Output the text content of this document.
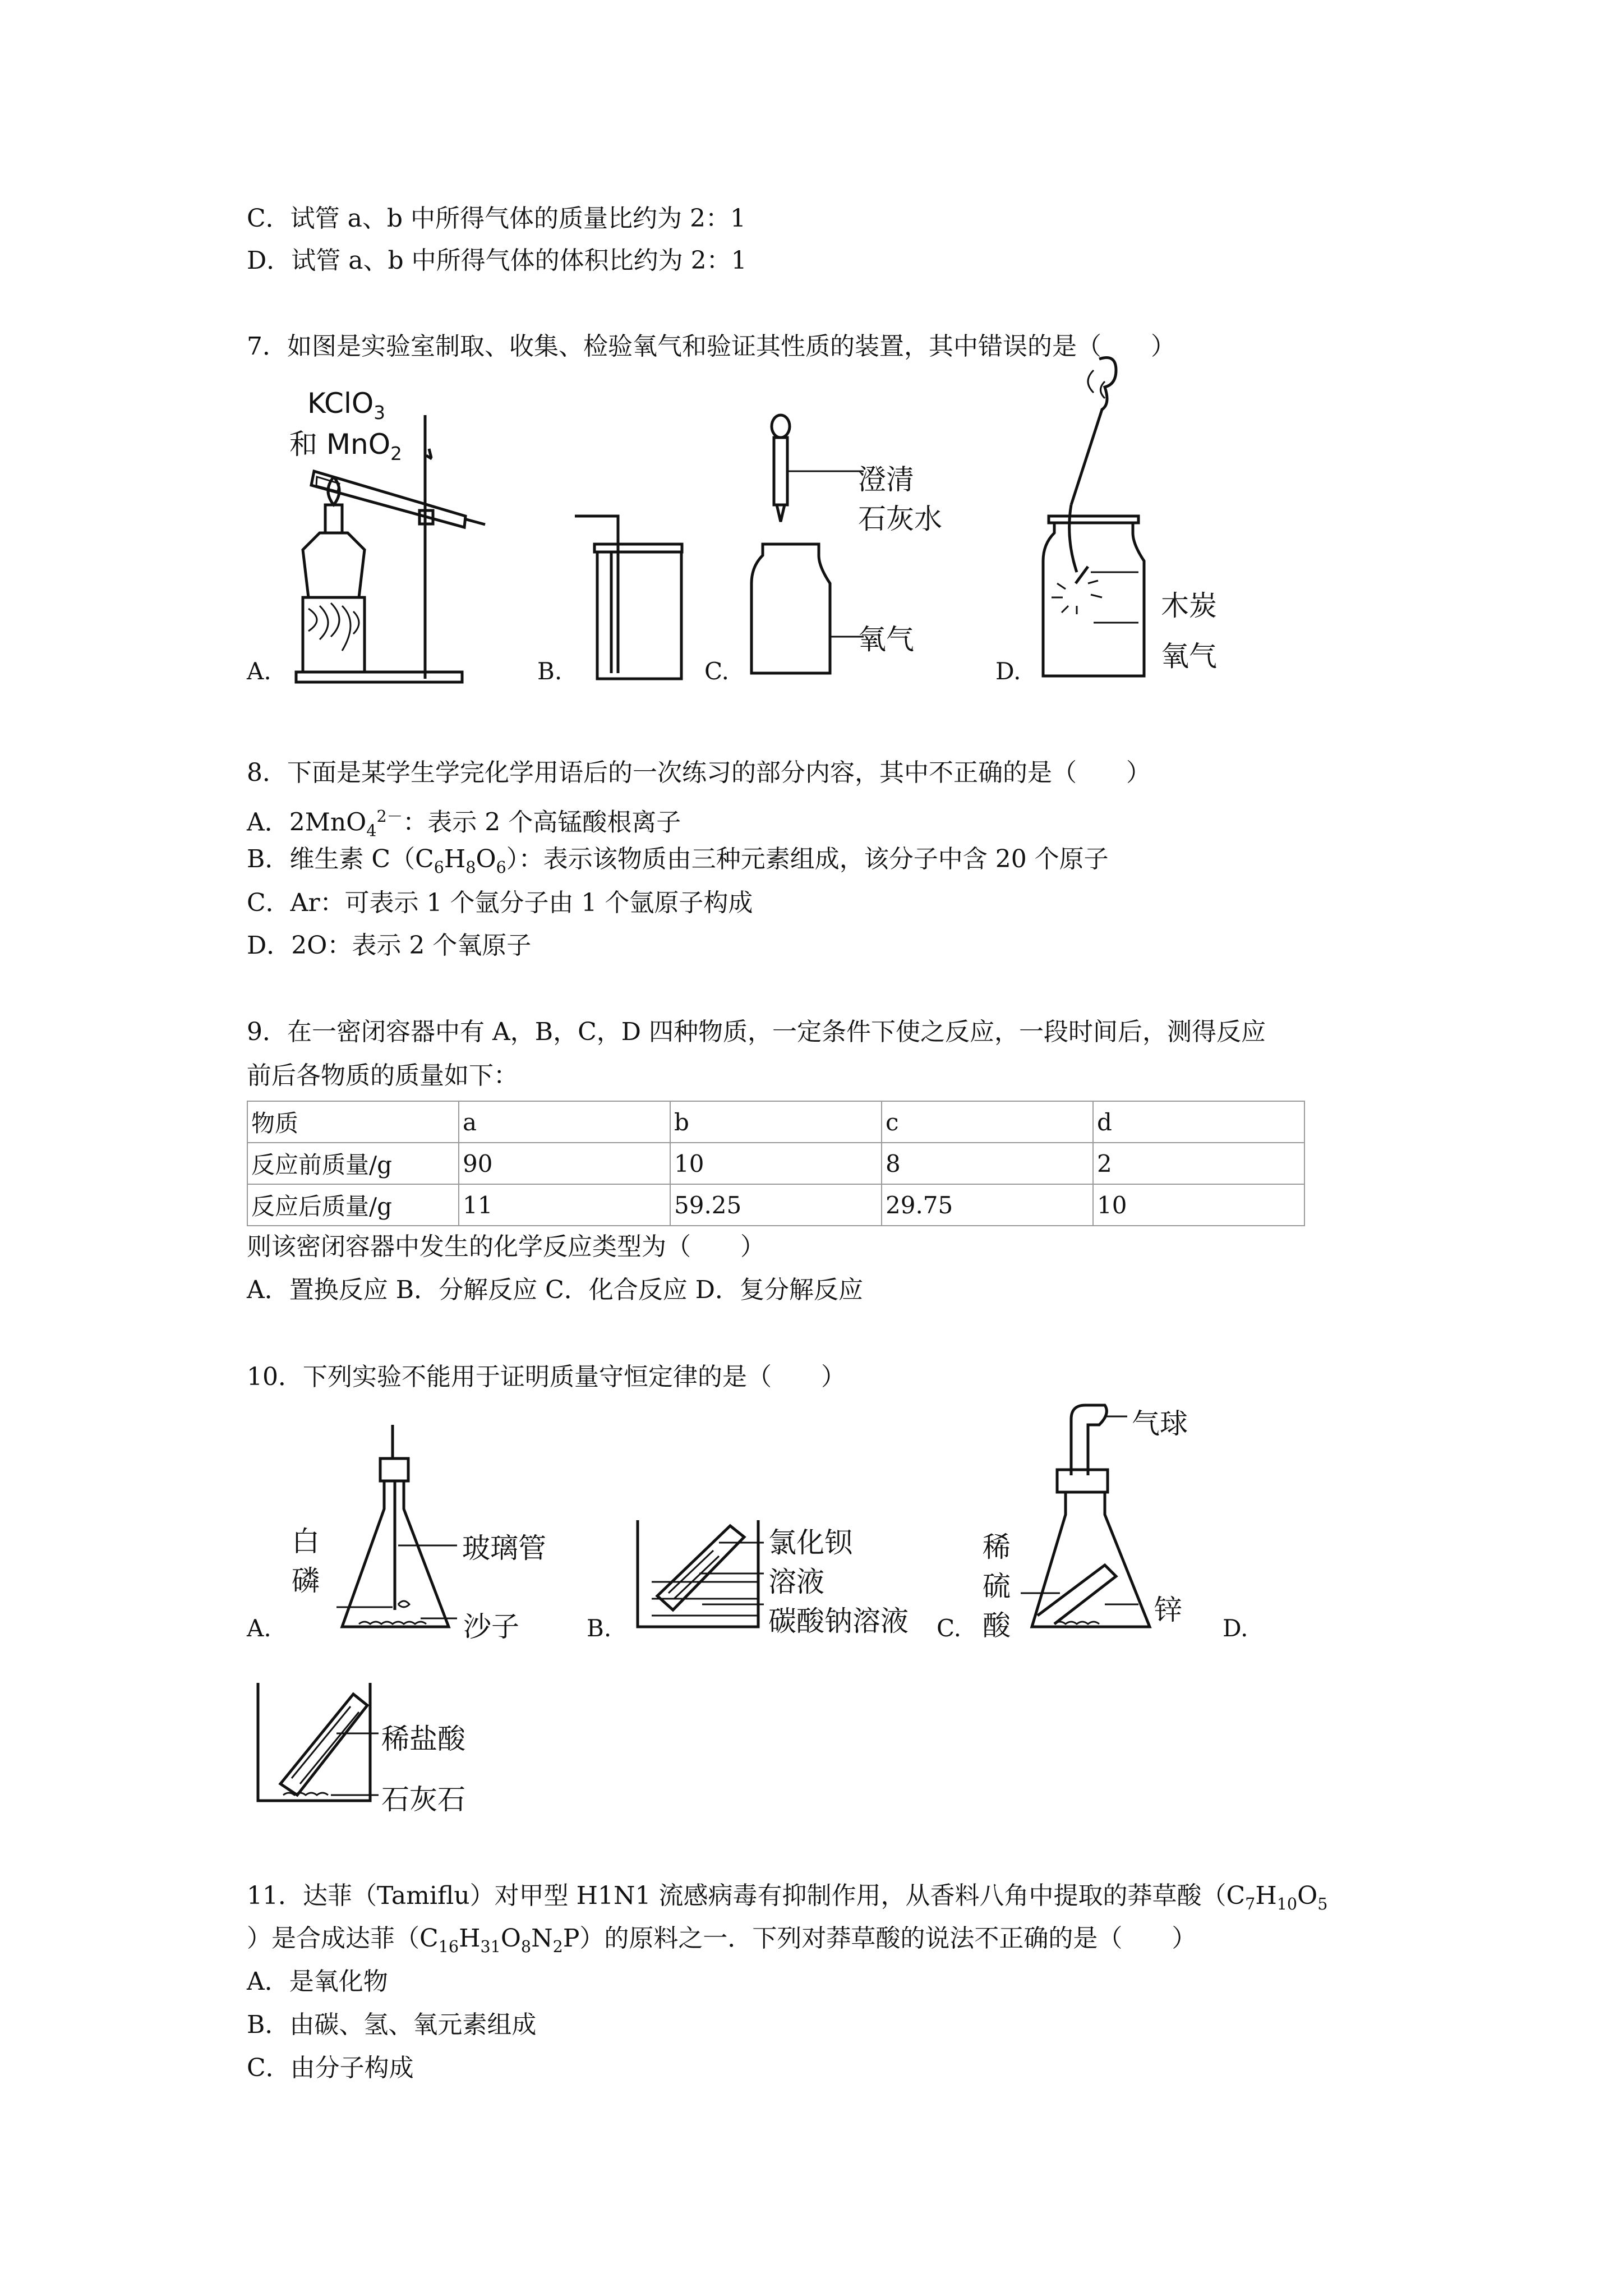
C．试管 a、b 中所得气体的质量比约为 2：1
D．试管 a、b 中所得气体的体积比约为 2：1
7．如图是实验室制取、收集、检验氧气和验证其性质的装置，其中错误的是（　　）
KClO$_3$
和 MnO$_2$
A.	B.
澄清
石灰水
氧气
C.
木炭
氧气
D.
8．下面是某学生学完化学用语后的一次练习的部分内容，其中不正确的是（　　）
A．2MnO$_4^{2-}$：表示 2 个高锰酸根离子
B．维生素 $C(C_6H_8O_6)$：表示该物质由三种元素组成，该分子中含 20 个原子
C．Ar：可表示 1 个氩分子由 1 个氩原子构成
D．2O：表示 2 个氧原子
9．在一密闭容器中有 A，B，C，D 四种物质，一定条件下使之反应，一段时间后，测得反应
前后各物质的质量如下：
物质	a	b	c	d
反应前质量/g	90	10	8	2
反应后质量/g	11	59.25	29.75	10
则该密闭容器中发生的化学反应类型为（　　）
A．置换反应 B．分解反应 C．化合反应 D．复分解反应
10．下列实验不能用于证明质量守恒定律的是（　　）
白
磷
玻璃管
沙子
A.
氯化钡
溶液
碳酸钠溶液
B.
气球
稀
硫
酸	锌
C.	D.
稀盐酸
石灰石
11．达菲（Tamiflu）对甲型 H1N1 流感病毒有抑制作用，从香料八角中提取的莽草酸（$C_7H_{10}O_5$
）是合成达菲$(C_{16}H_{31}O_8N_2P)$的原料之一．下列对莽草酸的说法不正确的是（　　）
A．是氧化物
B．由碳、氢、氧元素组成
C．由分子构成
